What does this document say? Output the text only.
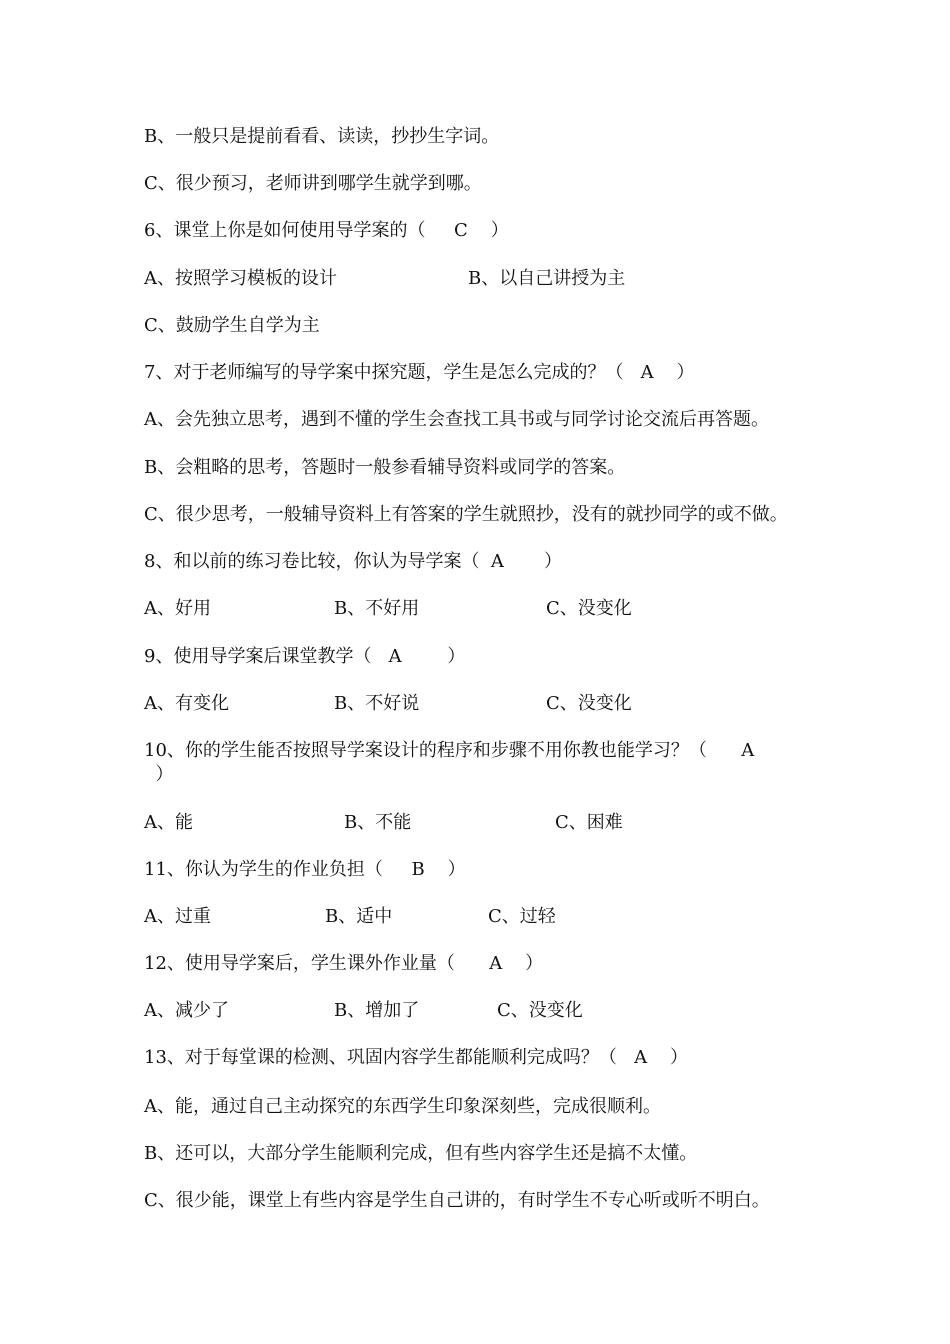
B、一般只是提前看看、读读，抄抄生字词。
C、很少预习，老师讲到哪学生就学到哪。
6、课堂上你是如何使用导学案的（     C    ）
A、按照学习模板的设计	B、以自己讲授为主
C、鼓励学生自学为主
7、对于老师编写的导学案中探究题，学生是怎么完成的？（   A    ）
A、会先独立思考，遇到不懂的学生会查找工具书或与同学讨论交流后再答题。
B、会粗略的思考，答题时一般参看辅导资料或同学的答案。
C、很少思考，一般辅导资料上有答案的学生就照抄，没有的就抄同学的或不做。
8、和以前的练习卷比较，你认为导学案（  A       ）
A、好用	B、不好用	C、没变化
9、使用导学案后课堂教学（   A        ）
A、有变化	B、不好说	C、没变化
10、你的学生能否按照导学案设计的程序和步骤不用你教也能学习？（      A
）
A、能	B、不能	C、困难
11、你认为学生的作业负担（     B    ）
A、过重	B、适中	C、过轻
12、使用导学案后，学生课外作业量（      A    ）
A、减少了	B、增加了	C、没变化
13、对于每堂课的检测、巩固内容学生都能顺利完成吗？（   A    ）
A、能，通过自己主动探究的东西学生印象深刻些，完成很顺利。
B、还可以，大部分学生能顺利完成，但有些内容学生还是搞不太懂。
C、很少能，课堂上有些内容是学生自己讲的，有时学生不专心听或听不明白。
